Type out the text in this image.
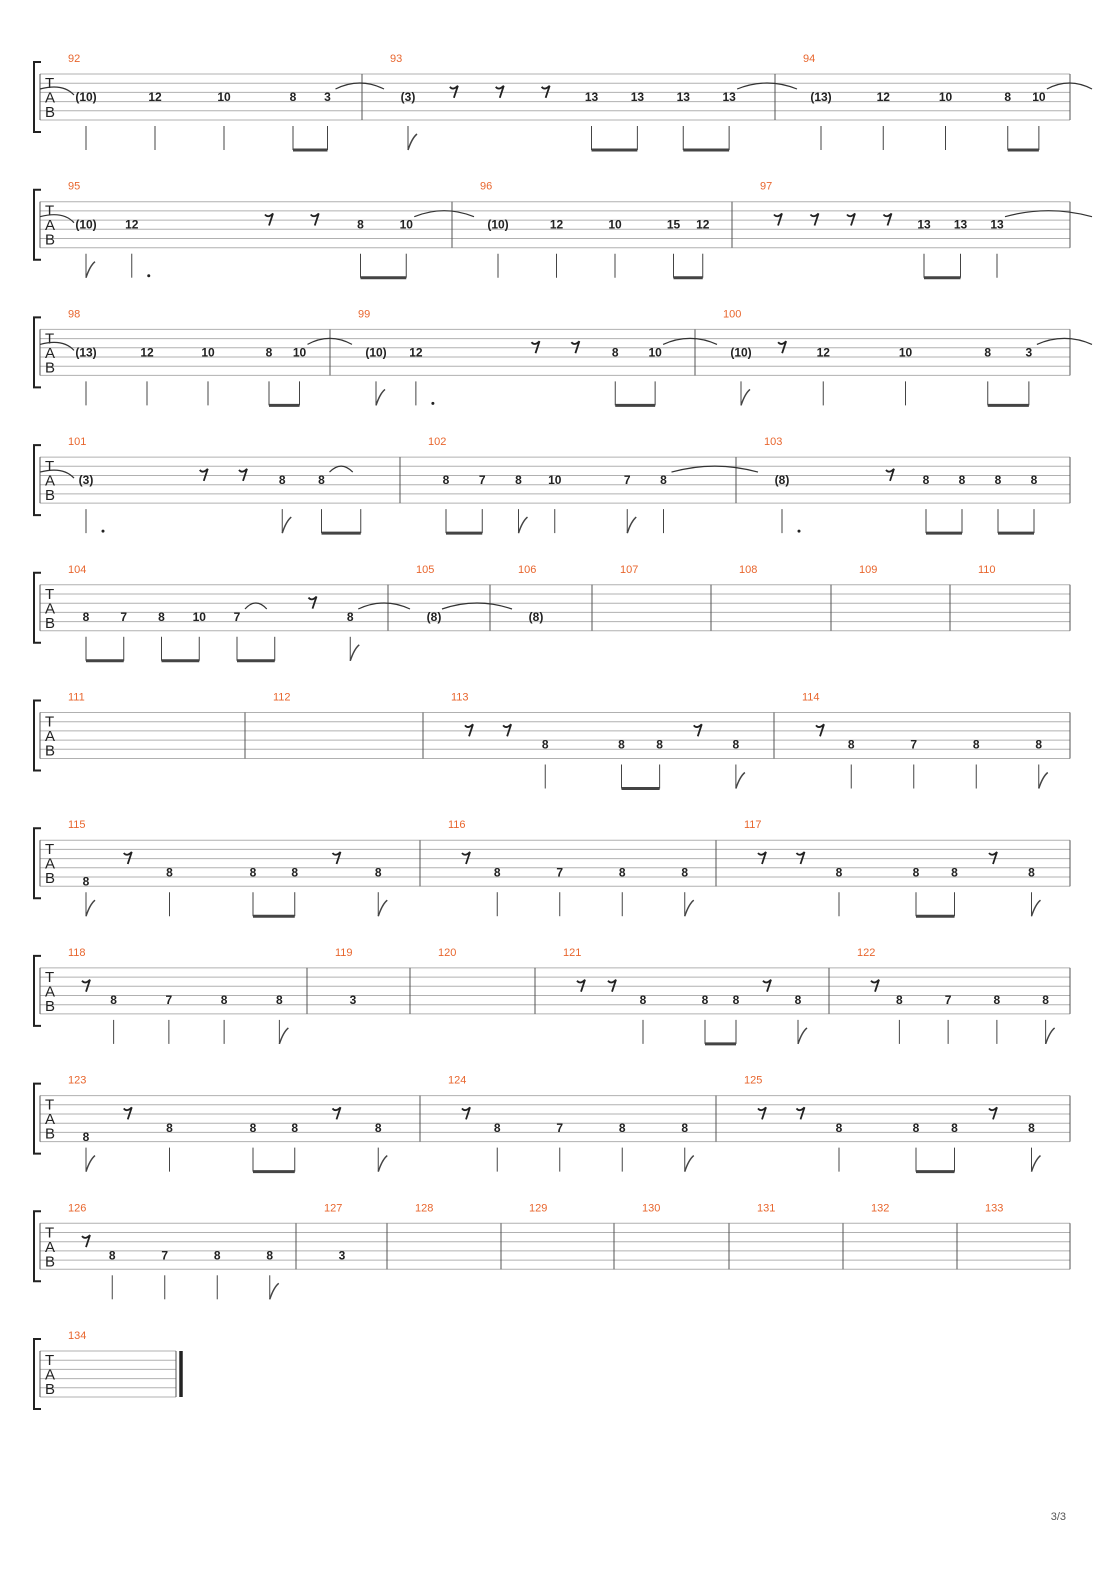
T
A
B
92
(10)	12	10	8 3
93
(3)	13	13	13	13
94
(13)	12	10	8 10
T
A
B
95
(10) 12	8	10
96
(10)	12	10	15 12
97
13 13 13
T
A
B
98
(13)	12	10	8 10
99
(10) 12	8 10
100
(10)	12	10	8	3
T
A
B
101
(3)	8	8
102
8 7 8 10	7 8
103
(8)	8 8 8 8
T
A
B
104
8	7	8 10 7	8
105
(8)
106
(8)
107	108	109	110
T
A
B
111	112	113
8	8	8	8
114
8	7	8	8
T
A
B
115
8
8	8	8	8
116
8	7	8	8
117
8	8	8	8
T
A
B
118
8	7	8	8
119
3
120	121
8	8 8	8
122
8	7	8	8
T
A
B
123
8
8	8	8	8
124
8	7	8	8
125
8	8	8	8
T
A
B
126
8	7	8	8
127
3
128	129	130	131	132	133
T
A
B
134
3/3
